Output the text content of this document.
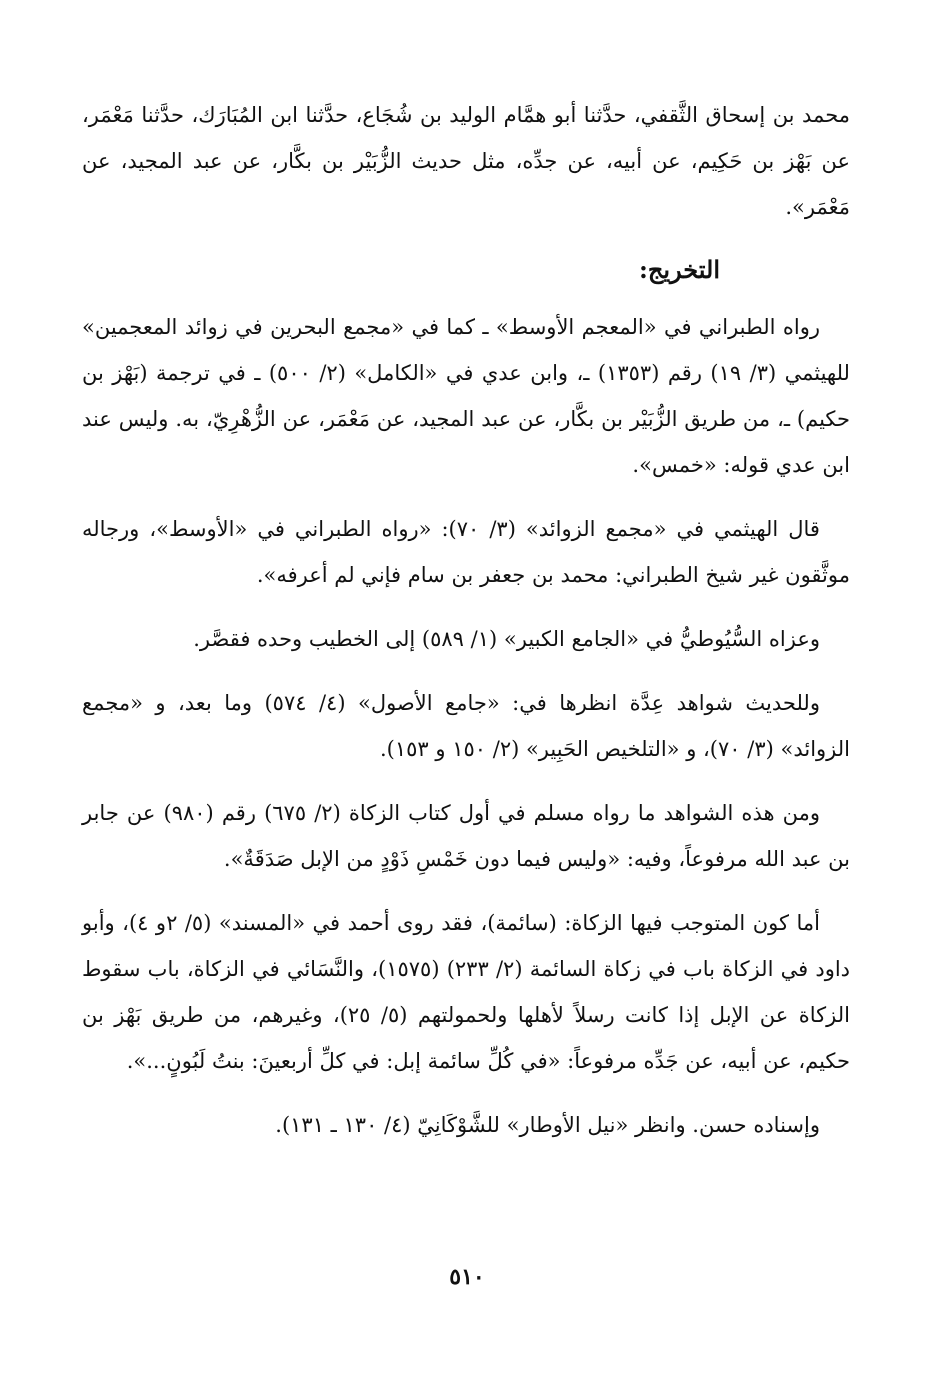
محمد بن إسحاق الثَّقفي، حدَّثنا أبو همَّام الوليد بن شُجَاع، حدَّثنا ابن المُبَارَك، حدَّثنا مَعْمَر، عن بَهْز بن حَكِيم، عن أبيه، عن جدِّه، مثل حديث الزُّبَيْر بن بكَّار، عن عبد المجيد، عن مَعْمَر».

التخريج:

رواه الطبراني في «المعجم الأوسط» ـ كما في «مجمع البحرين في زوائد المعجمين» للهيثمي (٣/ ١٩) رقم (١٣٥٣) ـ، وابن عدي في «الكامل» (٢/ ٥٠٠) ـ في ترجمة (بَهْز بن حكيم) ـ، من طريق الزُّبَيْر بن بكَّار، عن عبد المجيد، عن مَعْمَر، عن الزُّهْرِيّ، به. وليس عند ابن عدي قوله: «خمس».

قال الهيثمي في «مجمع الزوائد» (٣/ ٧٠): «رواه الطبراني في «الأوسط»، ورجاله موثَّقون غير شيخ الطبراني: محمد بن جعفر بن سام فإني لم أعرفه».

وعزاه السُّيُوطيُّ في «الجامع الكبير» (١/ ٥٨٩) إلى الخطيب وحده فقصَّر.

وللحديث شواهد عِدَّة انظرها في: «جامع الأصول» (٤/ ٥٧٤) وما بعد، و «مجمع الزوائد» (٣/ ٧٠)، و «التلخيص الحَبِير» (٢/ ١٥٠ و ١٥٣).

ومن هذه الشواهد ما رواه مسلم في أول كتاب الزكاة (٢/ ٦٧٥) رقم (٩٨٠) عن جابر بن عبد الله مرفوعاً، وفيه: «وليس فيما دون خَمْسِ ذَوْدٍ من الإبل صَدَقَةٌ».

أما كون المتوجب فيها الزكاة: (سائمة)، فقد روى أحمد في «المسند» (٥/ ٢و ٤)، وأبو داود في الزكاة باب في زكاة السائمة (٢/ ٢٣٣) (١٥٧٥)، والنَّسَائي في الزكاة، باب سقوط الزكاة عن الإبل إذا كانت رسلاً لأهلها ولحمولتهم (٥/ ٢٥)، وغيرهم، من طريق بَهْز بن حكيم، عن أبيه، عن جَدِّه مرفوعاً: «في كُلِّ سائمة إبل: في كلِّ أربعينَ: بنتُ لَبُونٍ...».

وإسناده حسن. وانظر «نيل الأوطار» للشَّوْكَانِيّ (٤/ ١٣٠ ـ ١٣١).

٥١٠
